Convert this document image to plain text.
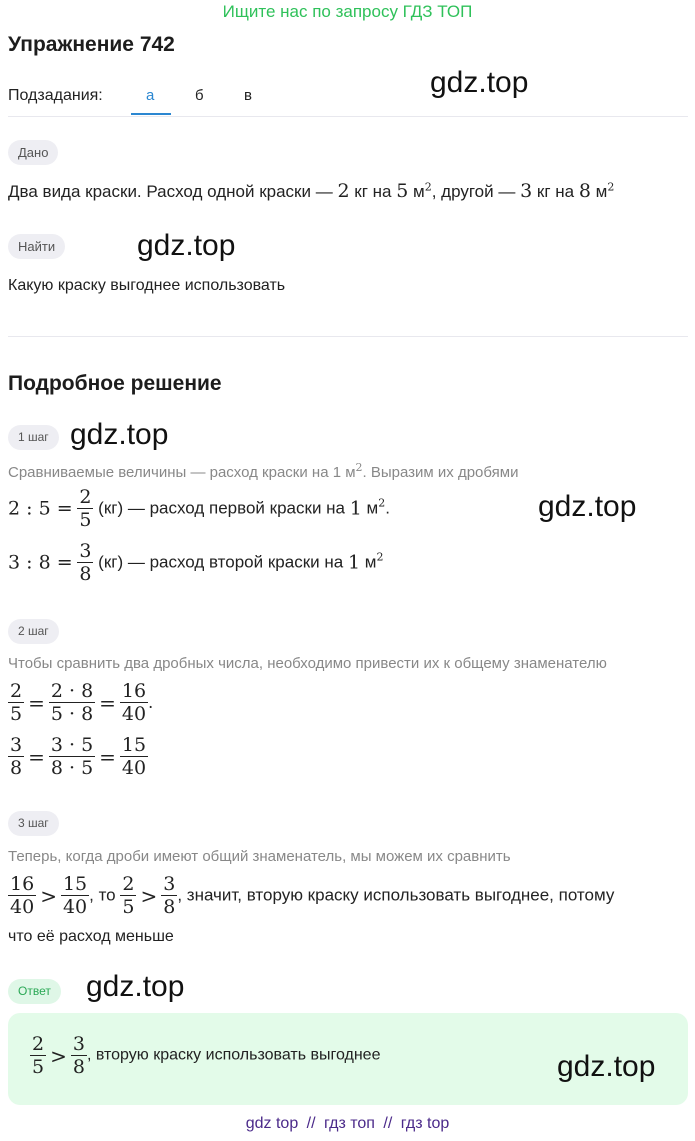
Ищите нас по запросу ГДЗ ТОП
Упражнение 742
Подзадания:	а	б	в	gdz.top
Дано
Два вида краски. Расход одной краски — 2 кг на 5 $м^2$, другой — 3 кг на 8 $м^2$
Найти	gdz.top
Какую краску выгоднее использовать
Подробное решение
1 шаг gdz.top
Сравниваемые величины — расход краски на 1 $м^2$. Выразим их дробями
gdz.top
2 : $5 = \frac{2}{5} (кг)$ — расход первой краски на 1 $м^2$.
3 : $8 = \frac{3}{8} (кг)$ — расход второй краски на 1 $м^2$
2 шаг
Чтобы сравнить два дробных числа, необходимо привести их к общему знаменателю
$\frac{2}{5} = \frac{2 \cdot 8}{5 \cdot 8} = \frac{16}{40}$ .
$\frac{3}{8} = \frac{3 \cdot 5}{8 \cdot 5} = \frac{15}{40}$
3 шаг
Теперь, когда дроби имеют общий знаменатель, мы можем их сравнить
$\frac{16}{40} > \frac{15}{40}$ , то $\frac{2}{5} > \frac{3}{8}$ , значит, вторую краску использовать выгоднее, потому
что её расход меньше
Ответ	gdz.top
$\frac{2}{5} > \frac{3}{8}$ , вторую краску использовать выгоднее	gdz.top
gdz top // гдз топ // гдз top
